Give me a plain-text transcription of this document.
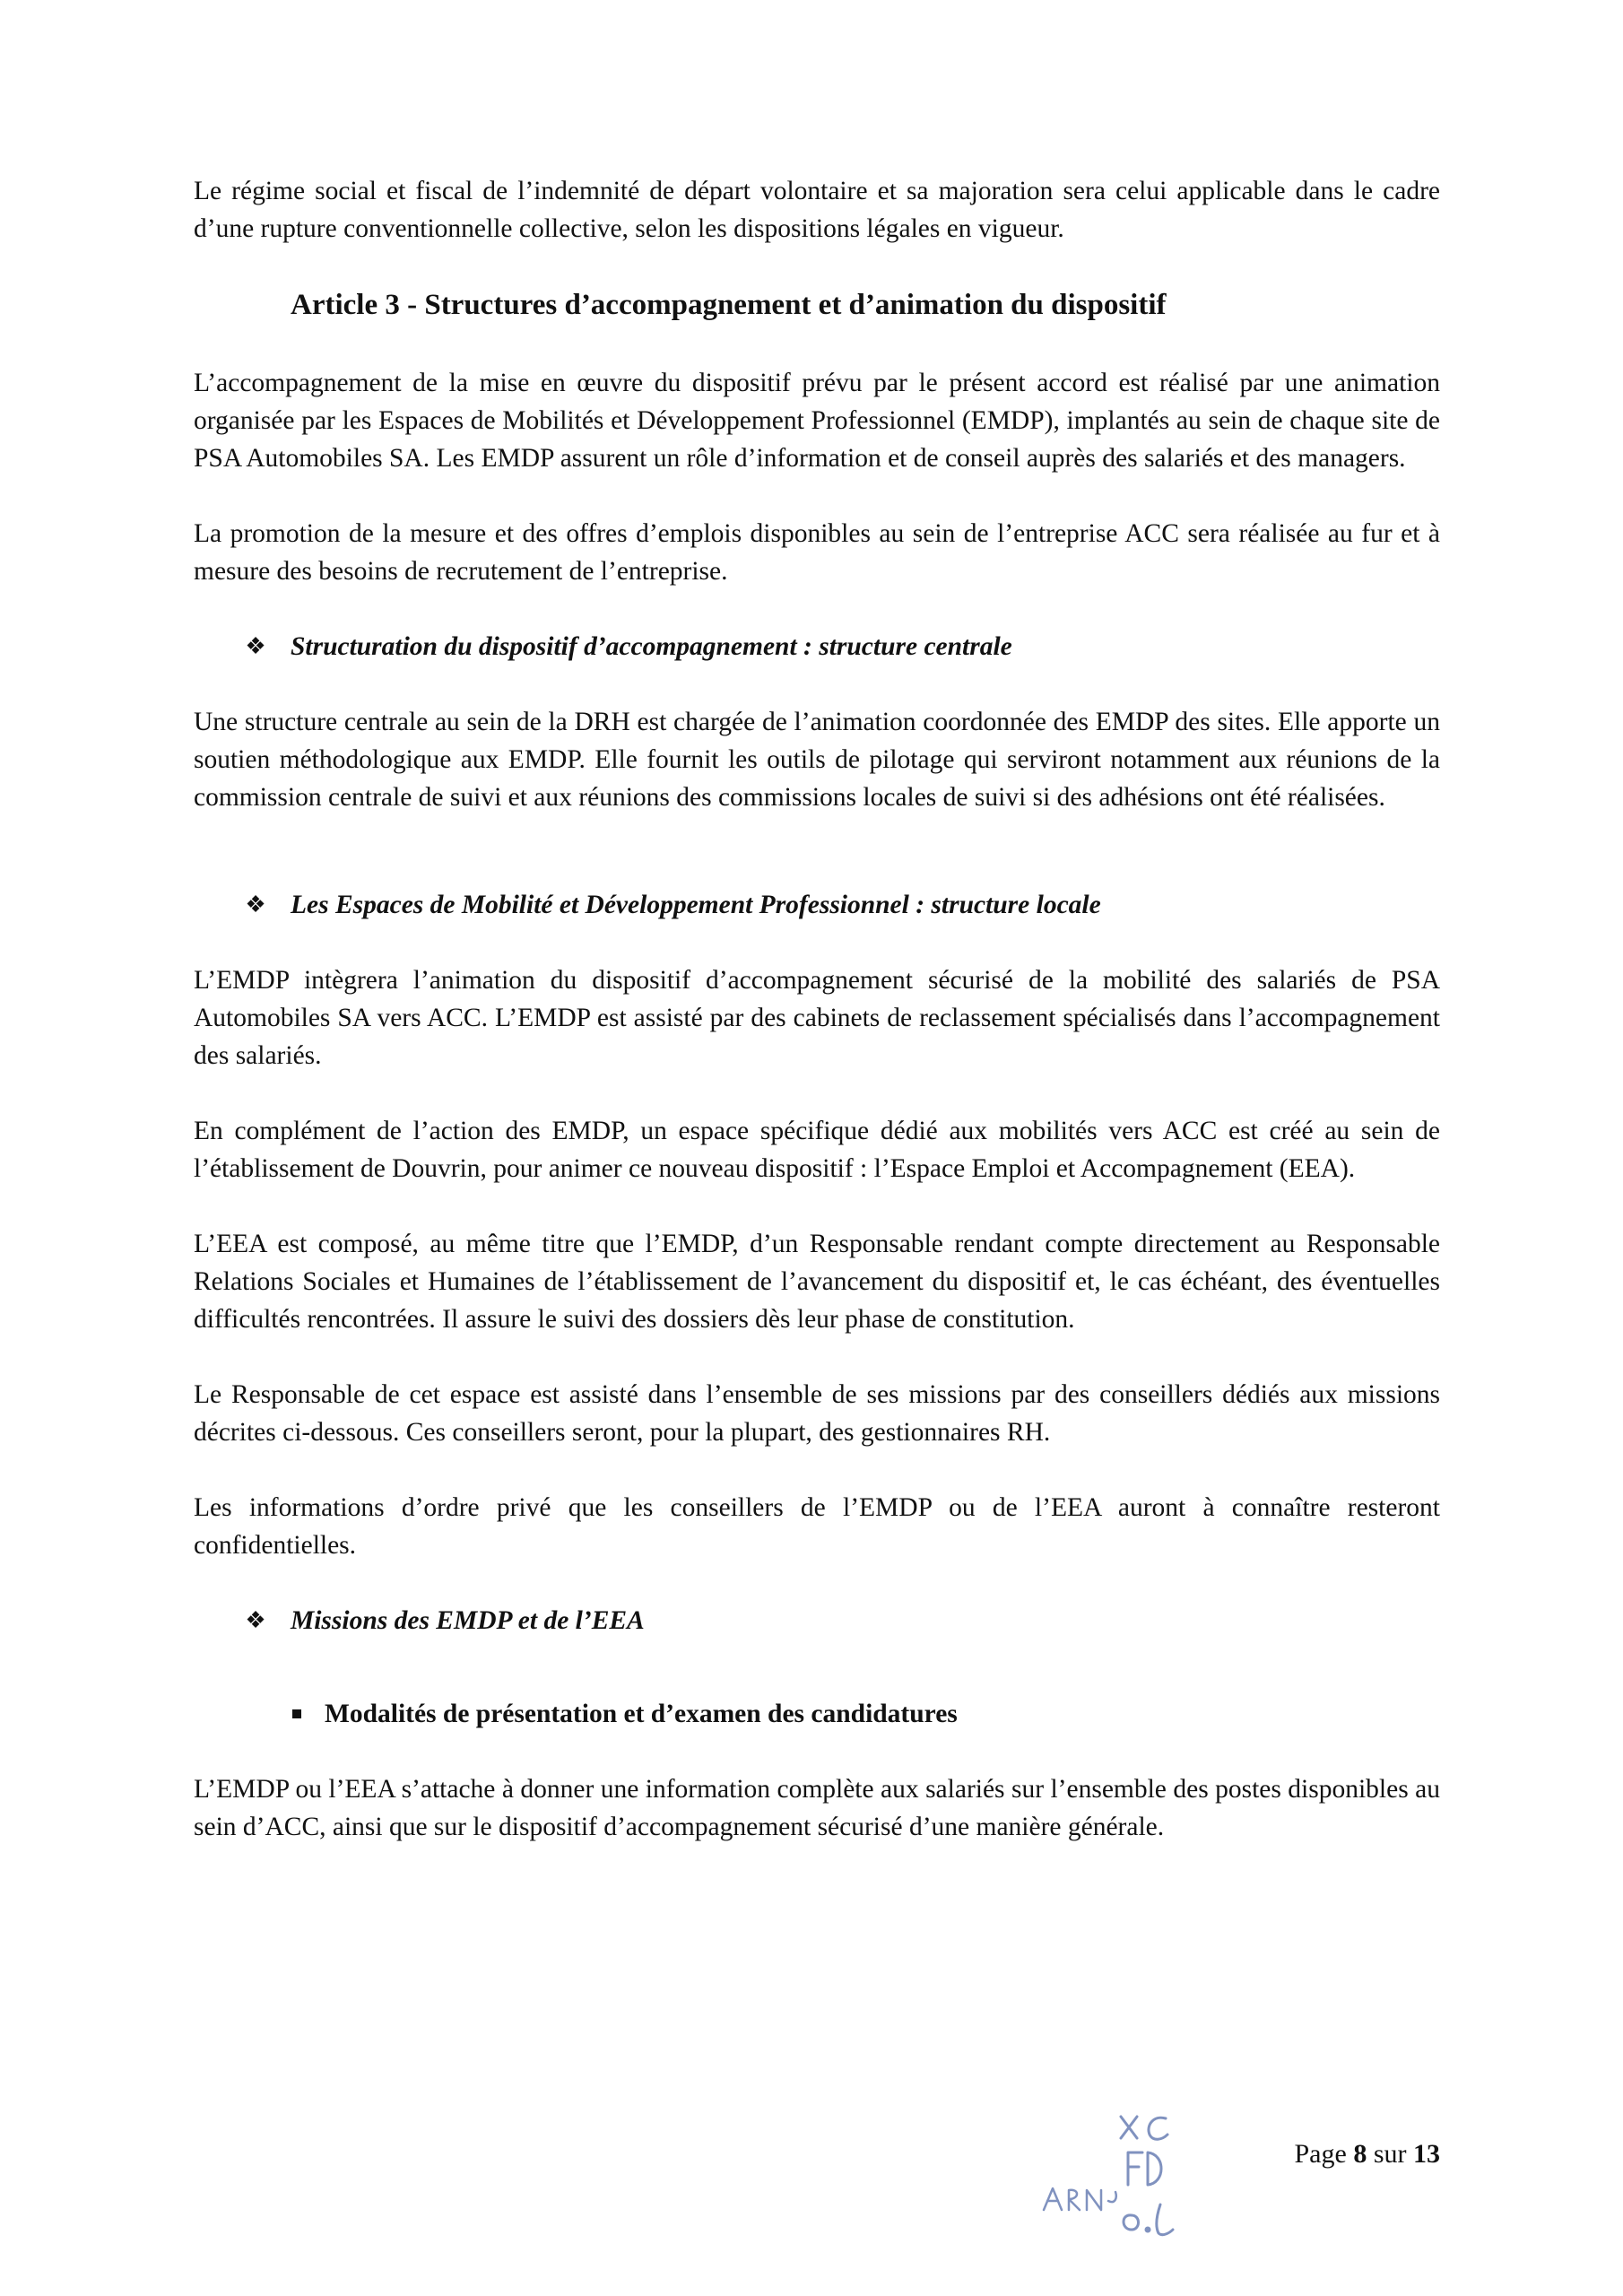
Le régime social et fiscal de l’indemnité de départ volontaire et sa majoration sera celui applicable dans le cadre d’une rupture conventionnelle collective, selon les dispositions légales en vigueur.

Article 3 - Structures d’accompagnement et d’animation du dispositif

L’accompagnement de la mise en œuvre du dispositif prévu par le présent accord est réalisé par une animation organisée par les Espaces de Mobilités et Développement Professionnel (EMDP), implantés au sein de chaque site de PSA Automobiles SA. Les EMDP assurent un rôle d’information et de conseil auprès des salariés et des managers.

La promotion de la mesure et des offres d’emplois disponibles au sein de l’entreprise ACC sera réalisée au fur et à mesure des besoins de recrutement de l’entreprise.

❖ Structuration du dispositif d’accompagnement : structure centrale

Une structure centrale au sein de la DRH est chargée de l’animation coordonnée des EMDP des sites. Elle apporte un soutien méthodologique aux EMDP. Elle fournit les outils de pilotage qui serviront notamment aux réunions de la commission centrale de suivi et aux réunions des commissions locales de suivi si des adhésions ont été réalisées.

❖ Les Espaces de Mobilité et Développement Professionnel : structure locale

L’EMDP intègrera l’animation du dispositif d’accompagnement sécurisé de la mobilité des salariés de PSA Automobiles SA vers ACC. L’EMDP est assisté par des cabinets de reclassement spécialisés dans l’accompagnement des salariés.

En complément de l’action des EMDP, un espace spécifique dédié aux mobilités vers ACC est créé au sein de l’établissement de Douvrin, pour animer ce nouveau dispositif : l’Espace Emploi et Accompagnement (EEA).

L’EEA est composé, au même titre que l’EMDP, d’un Responsable rendant compte directement au Responsable Relations Sociales et Humaines de l’établissement de l’avancement du dispositif et, le cas échéant, des éventuelles difficultés rencontrées. Il assure le suivi des dossiers dès leur phase de constitution.

Le Responsable de cet espace est assisté dans l’ensemble de ses missions par des conseillers dédiés aux missions décrites ci-dessous. Ces conseillers seront, pour la plupart, des gestionnaires RH.

Les informations d’ordre privé que les conseillers de l’EMDP ou de l’EEA auront à connaître resteront confidentielles.

❖ Missions des EMDP et de l’EEA
Modalités de présentation et d’examen des candidatures

L’EMDP ou l’EEA s’attache à donner une information complète aux salariés sur l’ensemble des postes disponibles au sein d’ACC, ainsi que sur le dispositif d’accompagnement sécurisé d’une manière générale.

Page 8 sur 13
